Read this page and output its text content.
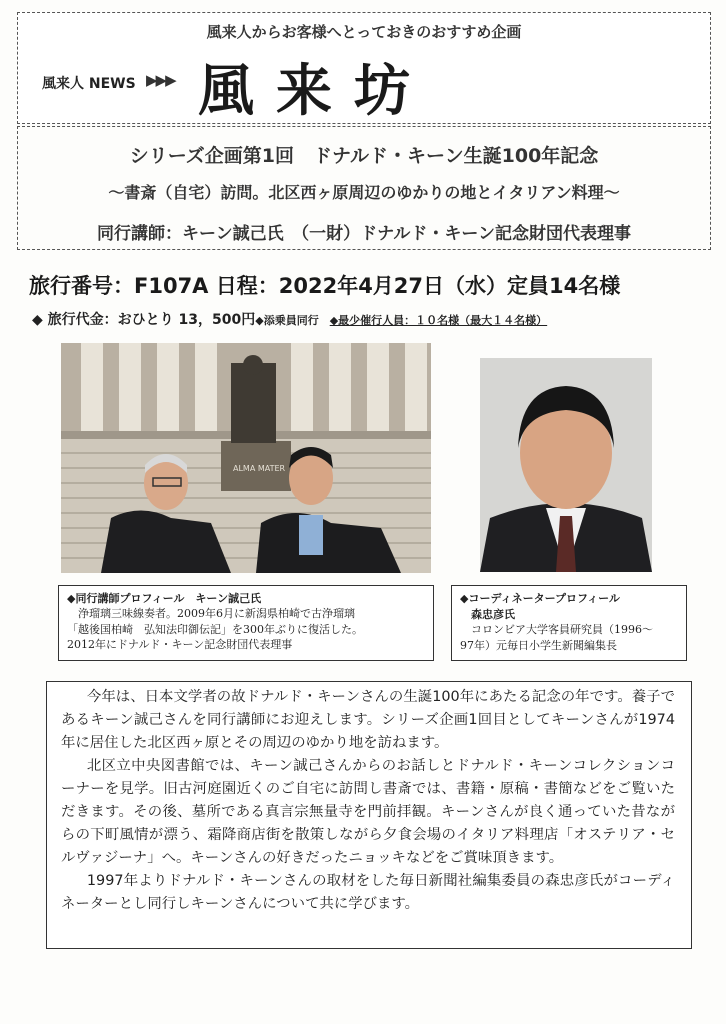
風来人からお客様へとっておきのおすすめ企画
風来人 NEWS ▶▶▶ 風来坊
シリーズ企画第1回　ドナルド・キーン生誕100年記念
～書斎（自宅）訪問。北区西ヶ原周辺のゆかりの地とイタリアン料理～
同行講師：キーン誠己氏　（一財）ドナルド・キーン記念財団代表理事
旅行番号：F107A 日程：2022年4月27日（水）定員14名様
◆ 旅行代金：おひとり 13，500円◆添乗員同行　 ◆最少催行人員：１０名様（最大１４名様）
ALMA MATER
◆同行講師プロフィール　キーン誠己氏
　浄瑠璃三味線奏者。2009年6月に新潟県柏崎で古浄瑠璃
「越後国柏崎　弘知法印御伝記」を300年ぶりに復活した。
2012年にドナルド・キーン記念財団代表理事
◆コーディネータープロフィール
　森忠彦氏
　コロンビア大学客員研究員（1996～
97年）元毎日小学生新聞編集長

今年は、日本文学者の故ドナルド・キーンさんの生誕100年にあたる記念の年です。養子であるキーン誠己さんを同行講師にお迎えします。シリーズ企画1回目としてキーンさんが1974年に居住した北区西ヶ原とその周辺のゆかり地を訪ねます。

北区立中央図書館では、キーン誠己さんからのお話しとドナルド・キーンコレクションコーナーを見学。旧古河庭園近くのご自宅に訪問し書斎では、書籍・原稿・書簡などをご覧いただきます。その後、墓所である真言宗無量寺を門前拝観。キーンさんが良く通っていた昔ながらの下町風情が漂う、霜降商店街を散策しながら夕食会場のイタリア料理店「オステリア・セルヴァジーナ」へ。キーンさんの好きだったニョッキなどをご賞味頂きます。

1997年よりドナルド・キーンさんの取材をした毎日新聞社編集委員の森忠彦氏がコーディネーターとし同行しキーンさんについて共に学びます。
